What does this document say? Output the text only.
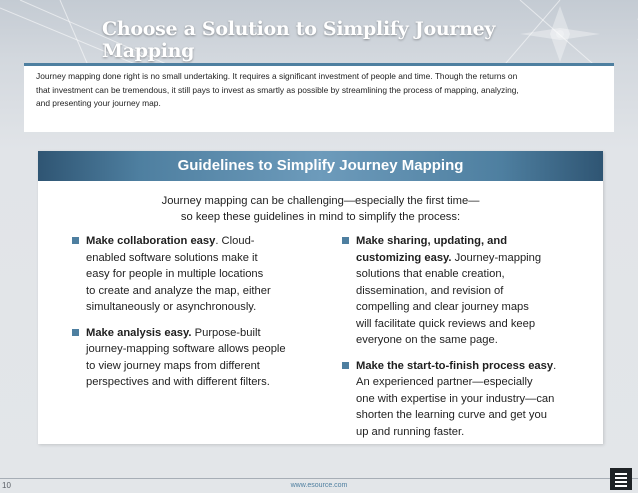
Choose a Solution to Simplify Journey Mapping
Journey mapping done right is no small undertaking. It requires a significant investment of people and time. Though the returns on
that investment can be tremendous, it still pays to invest as smartly as possible by streamlining the process of mapping, analyzing,
and presenting your journey map.
Guidelines to Simplify Journey Mapping
Journey mapping can be challenging—especially the first time—
so keep these guidelines in mind to simplify the process:
Make collaboration easy. Cloud-
enabled software solutions make it
easy for people in multiple locations
to create and analyze the map, either
simultaneously or asynchronously.
Make analysis easy. Purpose-built
journey-mapping software allows people
to view journey maps from different
perspectives and with different filters.
Make sharing, updating, and
customizing easy. Journey-mapping
solutions that enable creation,
dissemination, and revision of
compelling and clear journey maps
will facilitate quick reviews and keep
everyone on the same page.
Make the start-to-finish process easy.
An experienced partner—especially
one with expertise in your industry—can
shorten the learning curve and get you
up and running faster.
10	www.esource.com
